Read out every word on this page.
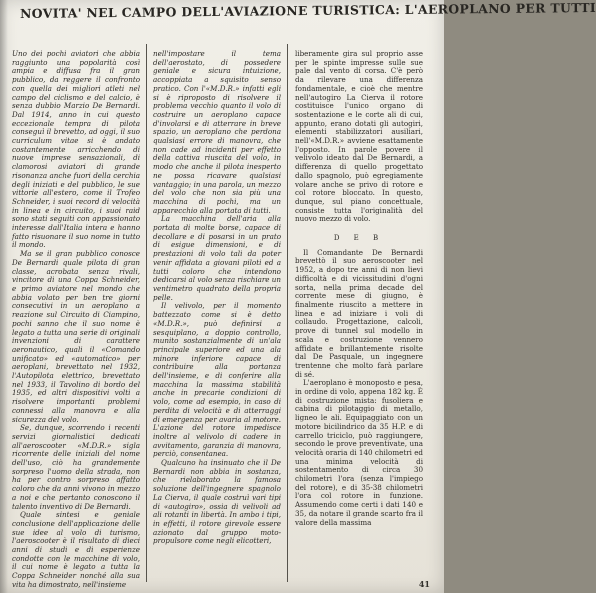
NOVITA' NEL CAMPO DELL'AVIAZIONE TURISTICA: L'AEROPLANO PER TUTTI

Uno dei pochi aviatori che abbia raggiunto una popolarità così ampia e diffusa fra il gran pubblico, da reggere il confronto con quella dei migliori atleti nel campo del ciclismo e del calcio, è senza dubbio Marzio De Bernardi. Dal 1914, anno in cui questo eccezionale tempra di pilota conseguì il brevetto, ad oggi, il suo curriculum vitae si è andato costantemente arricchendo di nuove imprese sensazionali, di clamorosi aviatori di grande risonanza anche fuori della cerchia degli iniziati e del pubblico, le sue vittorie all'estero, come il Trofeo Schneider, i suoi record di velocità in linea e in circuito, i suoi raid sono stati seguiti con appassionato interesse dall'Italia intera e hanno fatto risuonare il suo nome in tutto il mondo.

Ma se il gran pubblico conosce De Bernardi quale pilota di gran classe, acrobata senza rivali, vincitore di una Coppa Schneider, e primo aviatore nel mondo che abbia volato per ben tre giorni consecutivi in un aeroplano a reazione sul Circuito di Ciampino, pochi sanno che il suo nome è legato a tutta una serie di originali invenzioni di carattere aeronautico, quali il «Comando unificato» ed «automatico» per aeroplani, brevettato nel 1932, l'Autopilota elettrico, brevettato nel 1933, il Tavolino di bordo del 1935, ed altri dispositivi volti a risolvere importanti problemi connessi alla manovra e alla sicurezza del volo.

Se, dunque, scorrendo i recenti servizi giornalistici dedicati all'aeroscooter «M.D.R.» sigla ricorrente delle iniziali del nome dell'uso, ciò ha grandemente sorpreso l'uomo della strada, non ha per contro sorpreso affatto coloro che da anni vivono in mezzo a noi e che pertanto conoscono il talento inventivo di De Bernardi.

Quale sintesi e geniale conclusione dell'applicazione delle sue idee al volo di turismo, l'aeroscooter è il risultato di dieci anni di studi e di esperienze condotte con le macchine di volo, il cui nome è legato a tutta la Coppa Schneider nonché alla sua vita ha dimostrato, nell'insieme

nell'impostare il tema dell'aerostato, di possedere geniale e sicura intuizione, accoppiata a squisito senso pratico. Con l'«M.D.R.» infatti egli si è riproposto di risolvere il problema vecchio quanto il volo di costruire un aeroplano capace d'involarsi e di atterrare in breve spazio, un aeroplano che perdona qualsiasi errore di manovra, che non cade ad incidenti per effetto della cattiva riuscita del volo, in modo che anche il pilota inesperto ne possa ricavare qualsiasi vantaggio; in una parola, un mezzo del volo che non sia più una macchina di pochi, ma un apparecchio alla portata di tutti.

La macchina dell'aria alla portata di molte borse, capace di decollare e di posarsi in un prato di esigue dimensioni, e di prestazioni di volo tali da poter venir affidata a giovani piloti ed a tutti coloro che intendono dedicarsi al volo senza rischiare un ventimetro quadrato della propria pelle.

Il velivolo, per il momento battezzato come si è detto «M.D.R.», può definirsi a sesquiplano, a doppio controllo, munito sostanzialmente di un'ala principale superiore ed una ala minore inferiore capace di contribuire alla portanza dell'insieme, e di conferire alla macchina la massima stabilità anche in precarie condizioni di volo, come ad esempio, in caso di perdita di velocità e di atterraggi di emergenza per avaria al motore. L'azione del rotore impedisce inoltre al velivolo di cadere in avvitamento, garanzia di manovra, perciò, consentanea.

Qualcuno ha insinuato che il De Bernardi non abbia in sostanza, che rielaborato la famosa soluzione dell'ingegnere spagnolo La Cierva, il quale costruì vari tipi di «autogiro», ossia di velivoli ad ali rotanti in libertà. In ambo i tipi, in effetti, il rotore girevole essere azionato dal gruppo moto-propulsore come negli elicotteri,

liberamente gira sul proprio asse per le spinte impresse sulle sue pale dal vento di corsa. C'è però da rilevare una differenza fondamentale, e cioè che mentre nell'autogiro La Cierva il rotore costituisce l'unico organo di sostentazione e le corte ali di cui, appunto, erano dotati gli autogiri, elementi stabilizzatori ausiliari, nell'«M.D.R.» avviene esattamente l'opposto. In parole povere il velivolo ideato dal De Bernardi, a differenza di quello progettato dallo spagnolo, può egregiamente volare anche se privo di rotore e col rotore bloccato. In questo, dunque, sul piano concettuale, consiste tutta l'originalità del nuovo mezzo di volo.

D E B

Il Comandante De Bernardi brevettò il suo aeroscooter nel 1952, a dopo tre anni di non lievi difficoltà e di vicissitudini d'ogni sorta, nella prima decade del corrente mese di giugno, è finalmente riuscito a mettere in linea e ad iniziare i voli di collaudo. Progettazione, calcoli, prove di tunnel sul modello in scala e costruzione vennero affidate e brillantemente risolte dal De Pasquale, un ingegnere trentenne che molto farà parlare di sé.

L'aeroplano è monoposto e pesa, in ordine di volo, appena 182 kg. È di costruzione mista: fusoliera e cabina di pilotaggio di metallo, ligneo le ali. Equipaggiato con un motore bicilindrico da 35 H.P. e di carrello triciclo, può raggiungere, secondo le prove preventivate, una velocità oraria di 140 chilometri ed una minima velocità di sostentamento di circa 30 chilometri l'ora (senza l'impiego del rotore), e di 35-38 chilometri l'ora col rotore in funzione. Assumendo come certi i dati 140 e 35, da notare il grande scarto fra il valore della massima

41
